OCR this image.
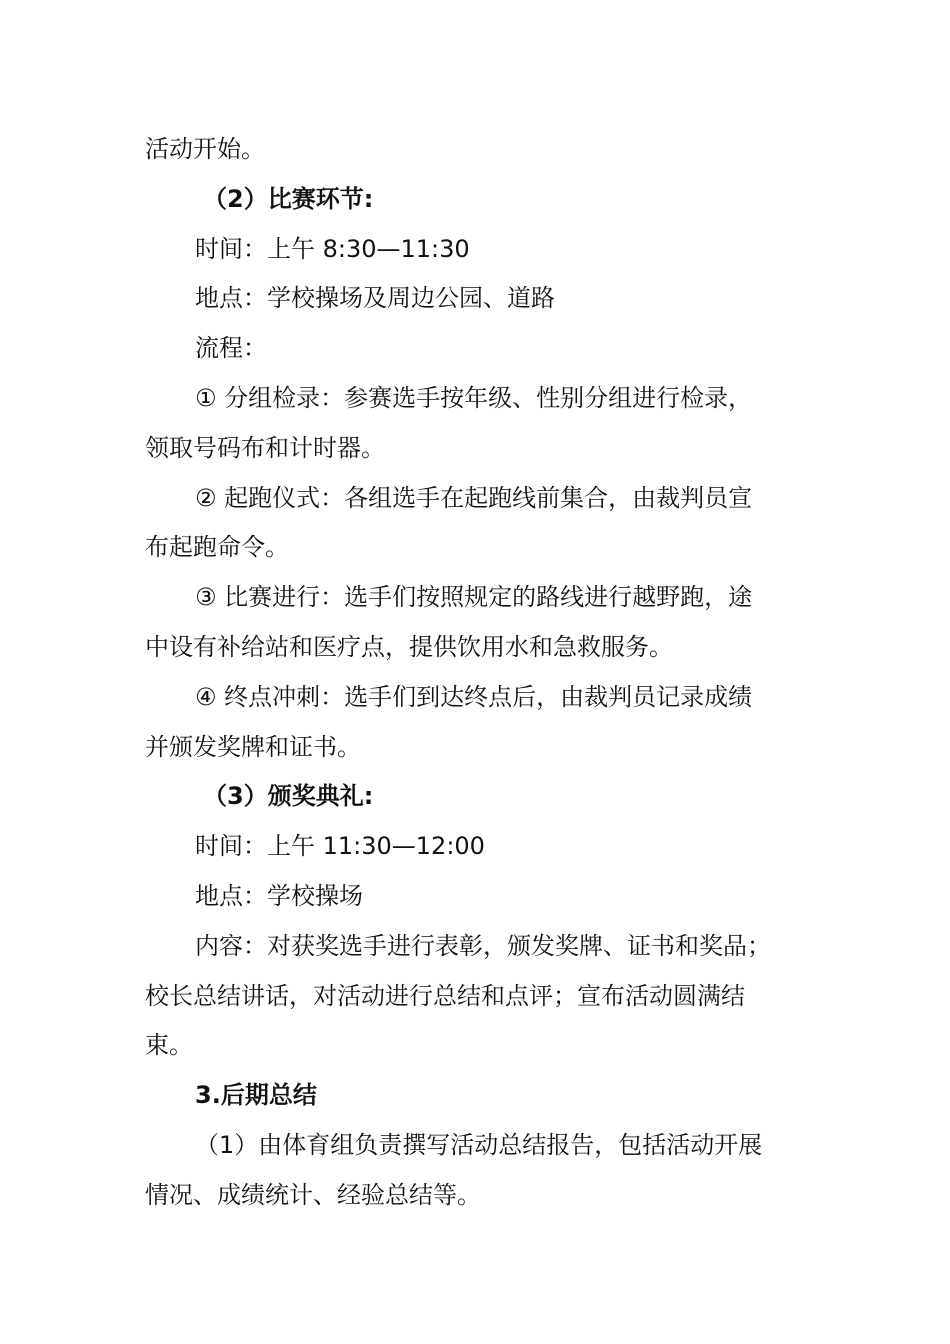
活动开始。
（2）比赛环节:
时间：上午 8:30—11:30
地点：学校操场及周边公园、道路
流程：
① 分组检录：参赛选手按年级、性别分组进行检录，
领取号码布和计时器。
② 起跑仪式：各组选手在起跑线前集合，由裁判员宣
布起跑命令。
③ 比赛进行：选手们按照规定的路线进行越野跑，途
中设有补给站和医疗点，提供饮用水和急救服务。
④ 终点冲刺：选手们到达终点后，由裁判员记录成绩
并颁发奖牌和证书。
（3）颁奖典礼:
时间：上午 11:30—12:00
地点：学校操场
内容：对获奖选手进行表彰，颁发奖牌、证书和奖品；
校长总结讲话，对活动进行总结和点评；宣布活动圆满结
束。
3.后期总结
（1）由体育组负责撰写活动总结报告，包括活动开展
情况、成绩统计、经验总结等。
